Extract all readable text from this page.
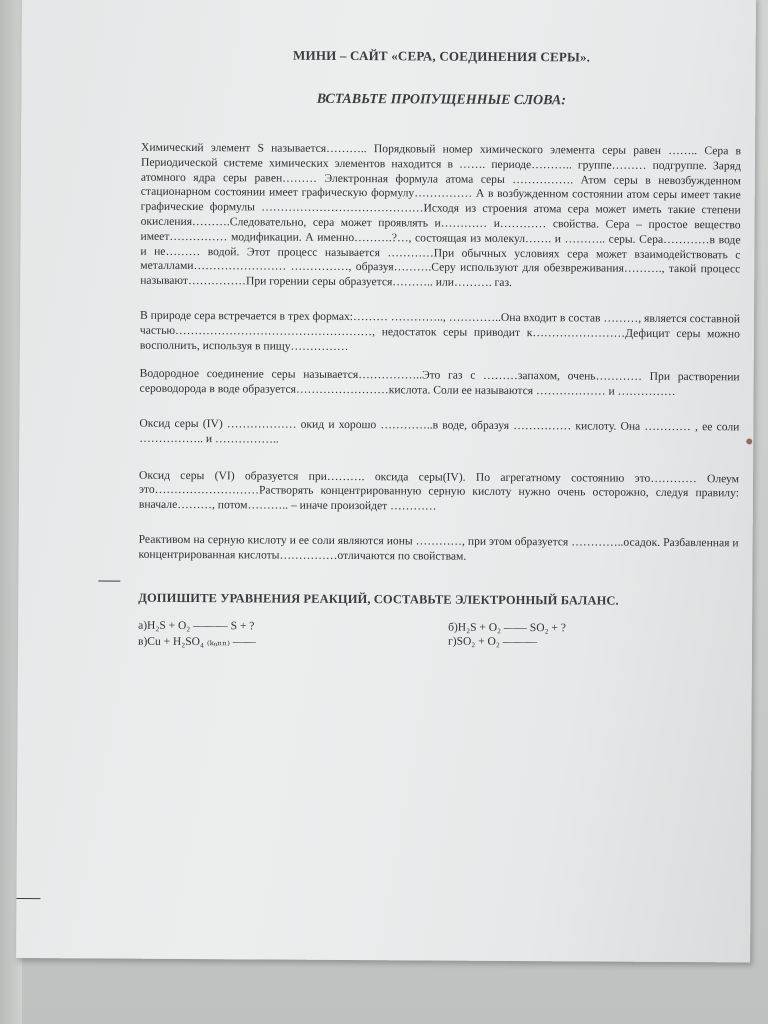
МИНИ – САЙТ «СЕРА, СОЕДИНЕНИЯ СЕРЫ».

ВСТАВЬТЕ ПРОПУЩЕННЫЕ СЛОВА:

Химический элемент S называется……….. Порядковый номер химического элемента серы равен …….. Сера в Периодической системе химических элементов находится в ……. периоде……….. группе……… подгруппе. Заряд атомного ядра серы равен……… Электронная формула атома серы ……………. Атом серы в невозбужденном стационарном состоянии имеет графическую формулу…………… А в возбужденном состоянии атом серы имеет такие графические формулы ……………………………………Исходя из строения атома сера может иметь такие степени окисления……….Следовательно, сера может проявлять и………… и………… свойства. Сера – простое вещество имеет…………… модификации. А именно……….?…, состоящая из молекул……. и ……….. серы. Сера…………в воде и не……… водой. Этот процесс называется …………При обычных условиях сера может взаимодействовать с металлами…………………… ……………, образуя……….Серу используют для обезвреживания………., такой процесс называют……………При горении серы образуется……….. или………. газ.

В природе сера встречается в трех формах:……… ………….., …………..Она входит в состав ………, является составной частью……………………………………………, недостаток серы приводит к……………………Дефицит серы можно восполнить, используя в пищу……………

Водородное соединение серы называется……………..Это газ с ………запахом, очень………… При растворении сероводорода в воде образуется……………………кислота. Соли ее называются ……………… и ……………

Оксид серы (IV) ……………… окид и хорошо …………..в воде, образуя …………… кислоту. Она ………… , ее соли …………….. и ……………..

Оксид серы (VI) образуется при………. оксида серы(IV). По агрегатному состоянию это………… Олеум это………………………Растворять концентрированную серную кислоту нужно очень осторожно, следуя правилу: вначале………, потом……….. – иначе произойдет …………

Реактивом на серную кислоту и ее соли являются ионы …………, при этом образуется …………..осадок. Разбавленная и концентрированная кислоты……………отличаются по свойствам.

ДОПИШИТЕ УРАВНЕНИЯ РЕАКЦИЙ, СОСТАВЬТЕ ЭЛЕКТРОННЫЙ БАЛАНС.

а)H₂S + O₂ ——— S + ?	б)H₂S + O₂ —— SO₂ + ?
в)Cu + H₂SO₄ ₍ₖₒₙₙ₎ ——	г)SO₂ + O₂ ———
